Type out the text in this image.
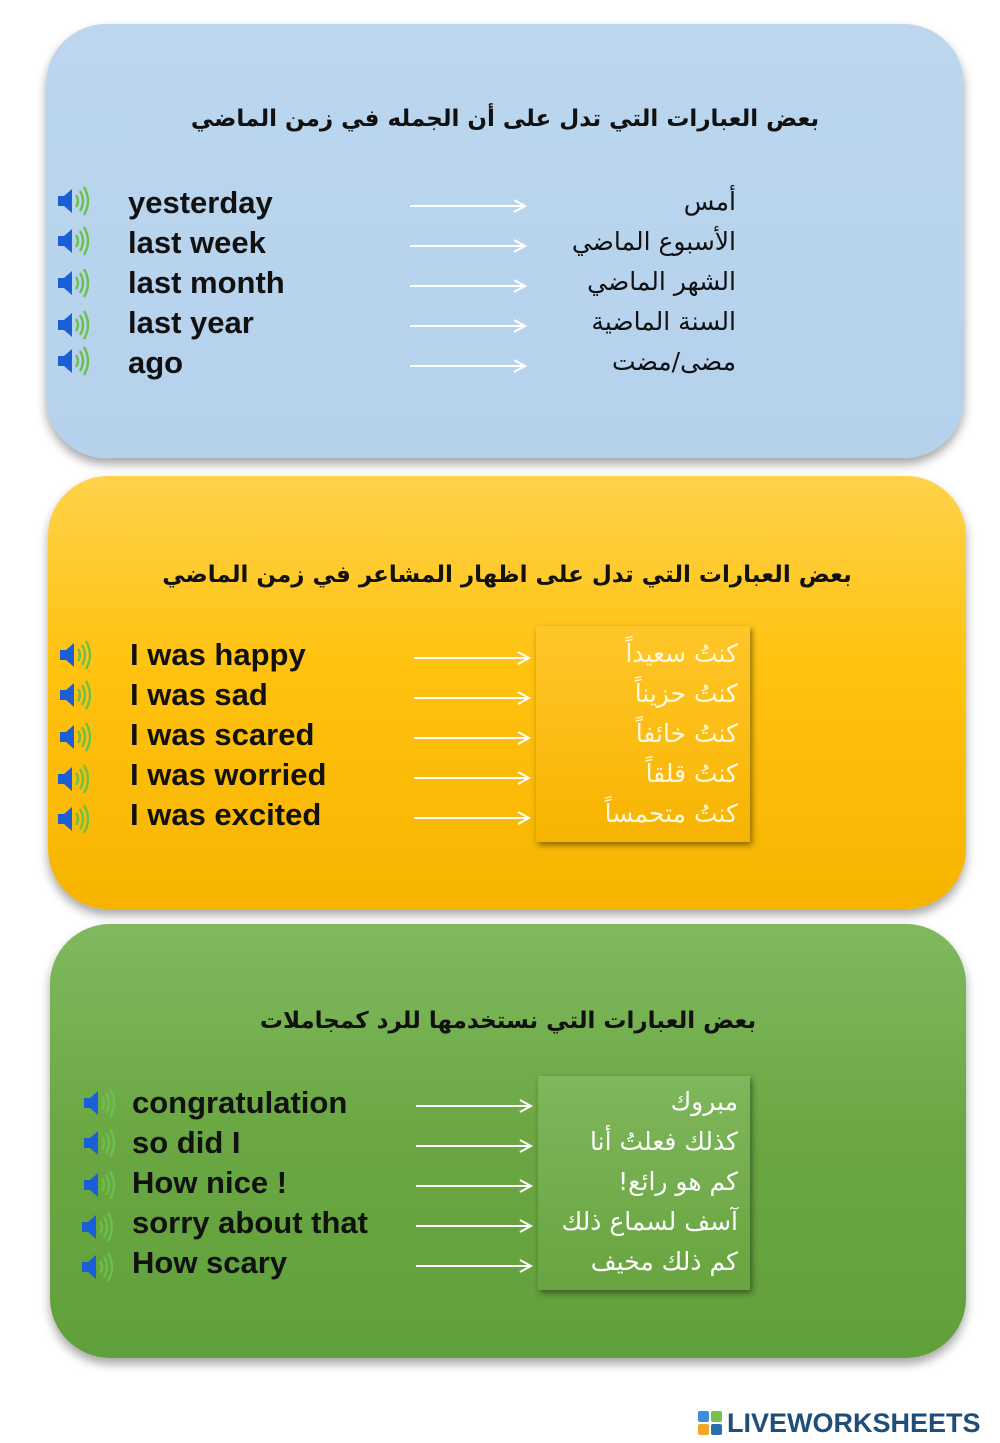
بعض العبارات التي تدل على أن الجمله في زمن الماضي
yesterday	أمس
last week	الأسبوع الماضي
last month	الشهر الماضي
last year	السنة الماضية
ago	مضى/مضت
بعض العبارات التي تدل على اظهار المشاعر في زمن الماضي
I was happy	كنتُ سعيداً
I was sad	كنتُ حزيناً
I was scared	كنتُ خائفاً
I was worried	كنتُ قلقاً
I was excited	كنتُ متحمساً
بعض العبارات التي نستخدمها للرد كمجاملات
congratulation	مبروك
so did I	كذلك فعلتُ أنا
How nice !	كم هو رائع!
sorry about that	آسف لسماع ذلك
How scary	كم ذلك مخيف
LIVEWORKSHEETS
